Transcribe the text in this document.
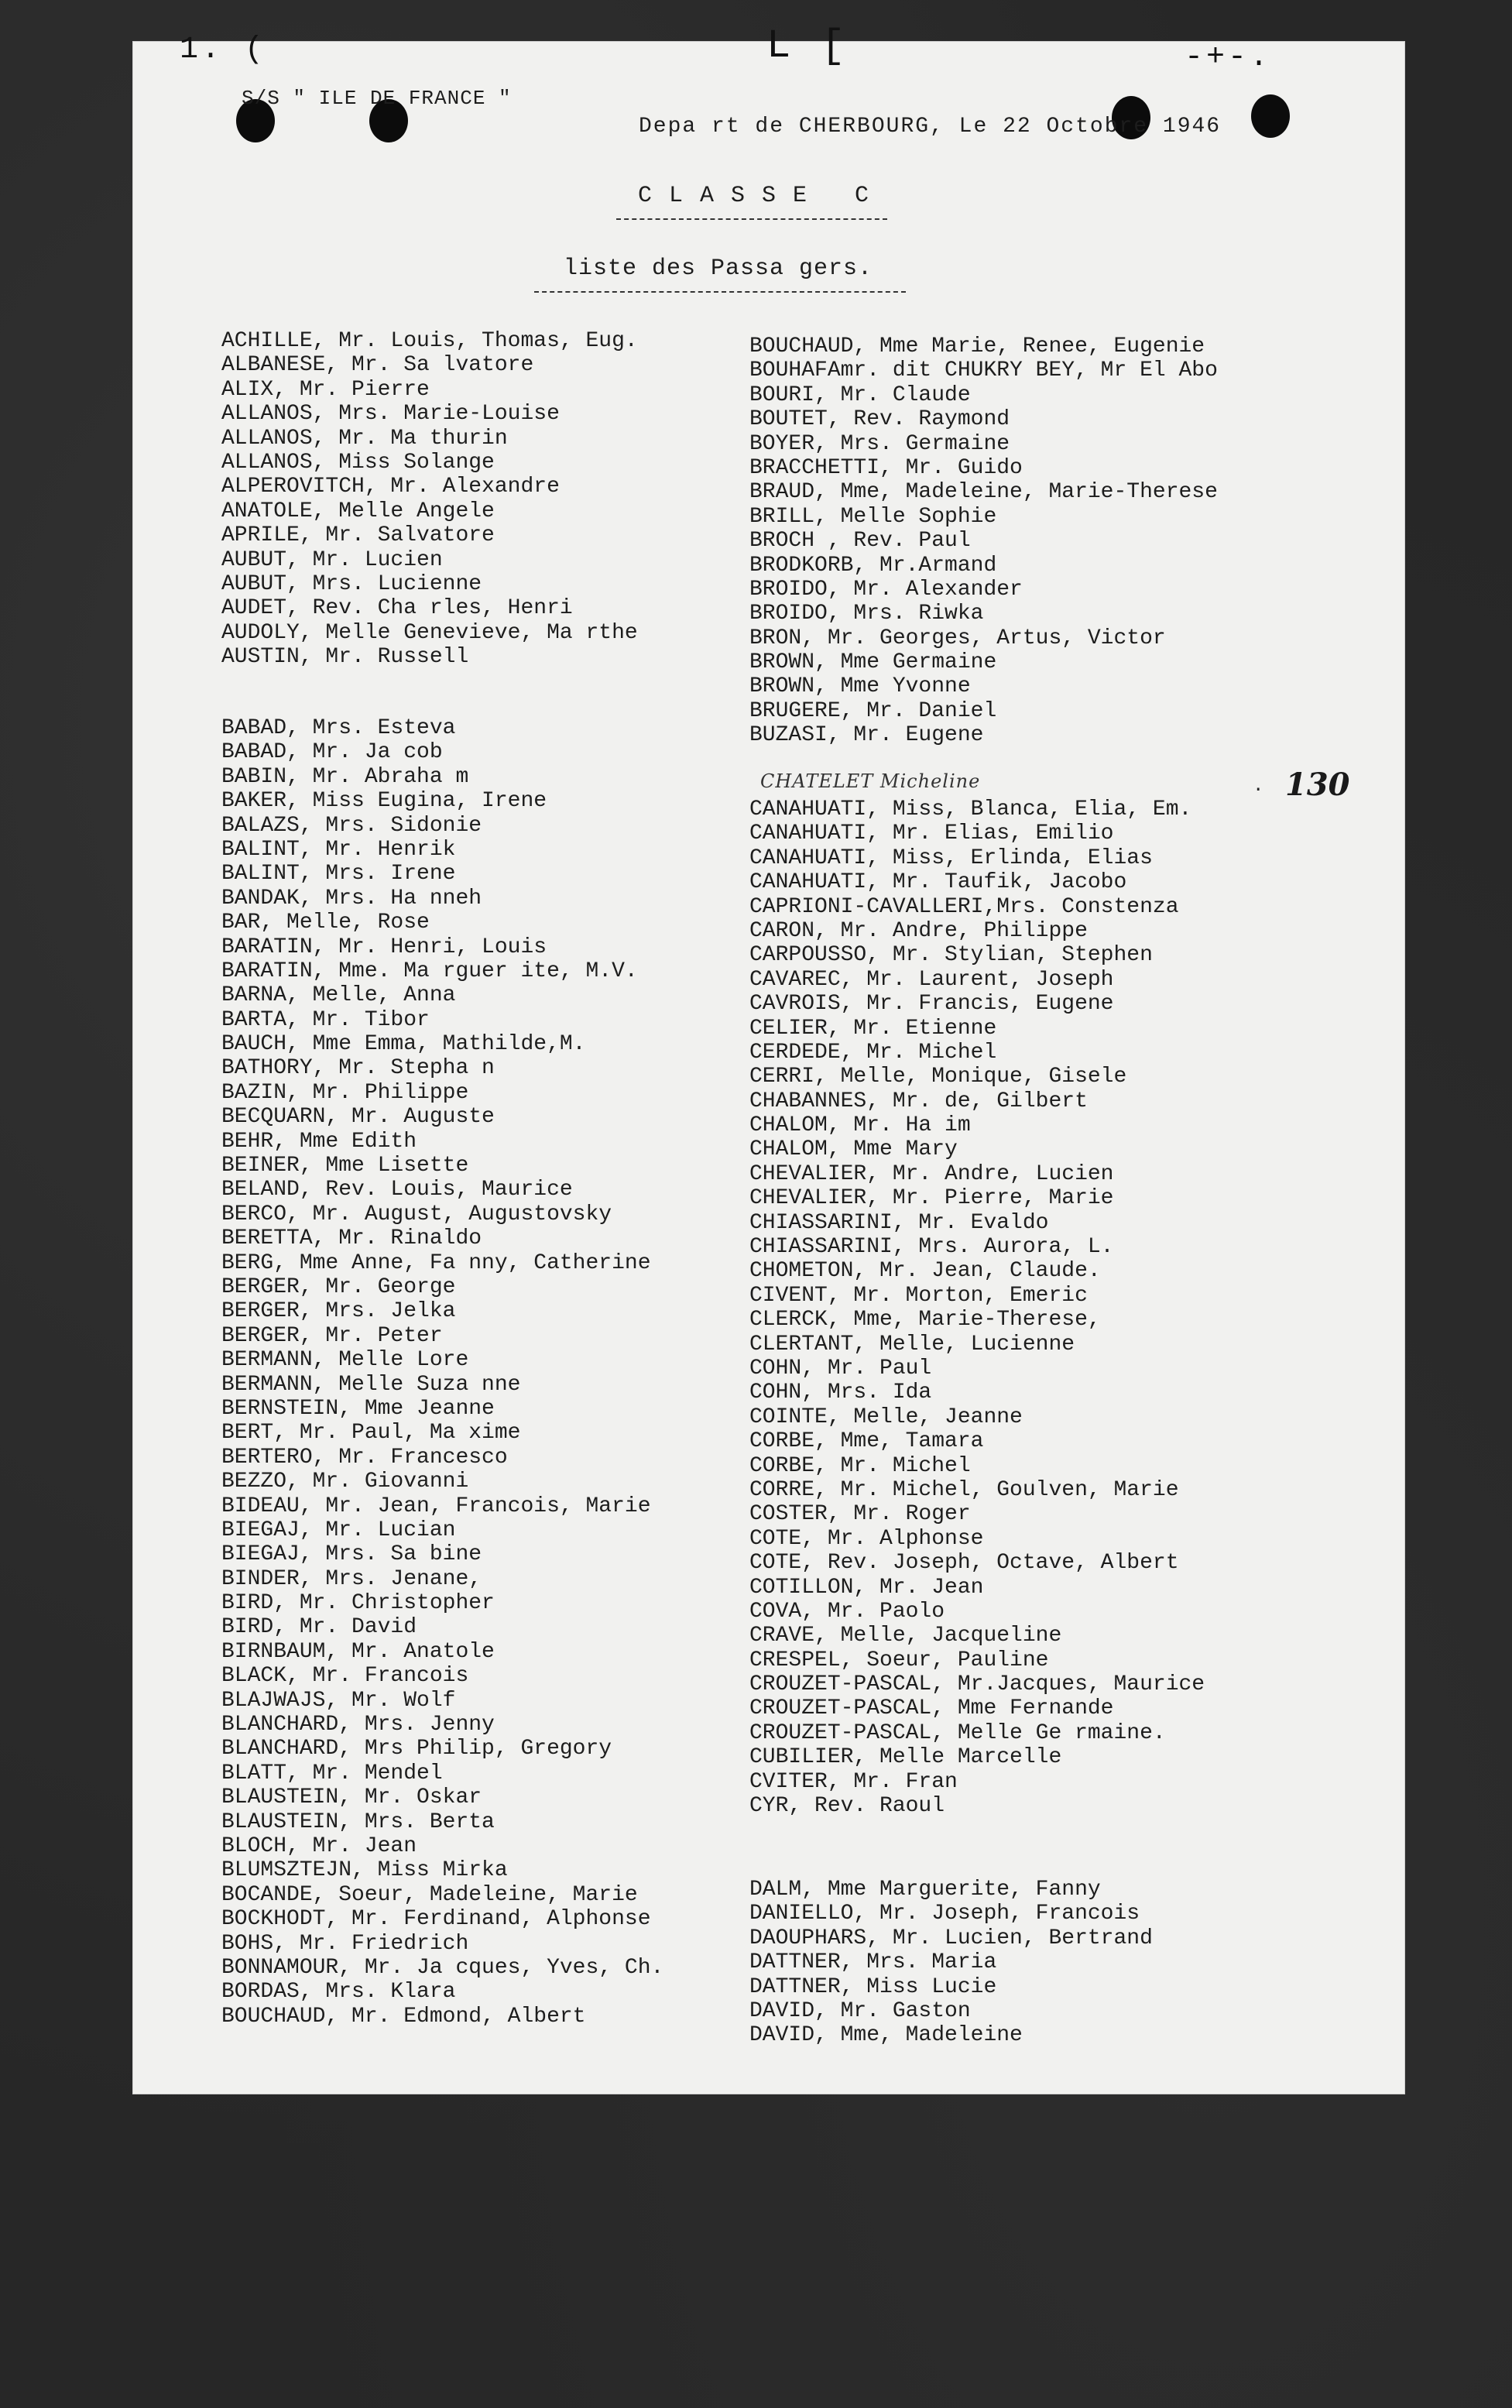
1. (	L [	-+-.
S/S " ILE DE FRANCE "
Depa rt de CHERBOURG, Le 22 Octobre 1946
CLASSE C
liste des Passa gers.
ACHILLE, Mr. Louis, Thomas, Eug.
ALBANESE, Mr. Sa lvatore
ALIX, Mr. Pierre
ALLANOS, Mrs. Marie-Louise
ALLANOS, Mr. Ma thurin
ALLANOS, Miss Solange
ALPEROVITCH, Mr. Alexandre
ANATOLE, Melle Angele
APRILE, Mr. Salvatore
AUBUT, Mr. Lucien
AUBUT, Mrs. Lucienne
AUDET, Rev. Cha rles, Henri
AUDOLY, Melle Genevieve, Ma rthe
AUSTIN, Mr. Russell
BABAD, Mrs. Esteva
BABAD, Mr. Ja cob
BABIN, Mr. Abraha m
BAKER, Miss Eugina, Irene
BALAZS, Mrs. Sidonie
BALINT, Mr. Henrik
BALINT, Mrs. Irene
BANDAK, Mrs. Ha nneh
BAR, Melle, Rose
BARATIN, Mr. Henri, Louis
BARATIN, Mme. Ma rguer ite, M.V.
BARNA, Melle, Anna
BARTA, Mr. Tibor
BAUCH, Mme Emma, Mathilde,M.
BATHORY, Mr. Stepha n
BAZIN, Mr. Philippe
BECQUARN, Mr. Auguste
BEHR, Mme Edith
BEINER, Mme Lisette
BELAND, Rev. Louis, Maurice
BERCO, Mr. August, Augustovsky
BERETTA, Mr. Rinaldo
BERG, Mme Anne, Fa nny, Catherine
BERGER, Mr. George
BERGER, Mrs. Jelka
BERGER, Mr. Peter
BERMANN, Melle Lore
BERMANN, Melle Suza nne
BERNSTEIN, Mme Jeanne
BERT, Mr. Paul, Ma xime
BERTERO, Mr. Francesco
BEZZO, Mr. Giovanni
BIDEAU, Mr. Jean, Francois, Marie
BIEGAJ, Mr. Lucian
BIEGAJ, Mrs. Sa bine
BINDER, Mrs. Jenane,
BIRD, Mr. Christopher
BIRD, Mr. David
BIRNBAUM, Mr. Anatole
BLACK, Mr. Francois
BLAJWAJS, Mr. Wolf
BLANCHARD, Mrs. Jenny
BLANCHARD, Mrs Philip, Gregory
BLATT, Mr. Mendel
BLAUSTEIN, Mr. Oskar
BLAUSTEIN, Mrs. Berta
BLOCH, Mr. Jean
BLUMSZTEJN, Miss Mirka
BOCANDE, Soeur, Madeleine, Marie
BOCKHODT, Mr. Ferdinand, Alphonse
BOHS, Mr. Friedrich
BONNAMOUR, Mr. Ja cques, Yves, Ch.
BORDAS, Mrs. Klara
BOUCHAUD, Mr. Edmond, Albert
BOUCHAUD, Mme Marie, Renee, Eugenie
BOUHAFAmr. dit CHUKRY BEY, Mr El Abo
BOURI, Mr. Claude
BOUTET, Rev. Raymond
BOYER, Mrs. Germaine
BRACCHETTI, Mr. Guido
BRAUD, Mme, Madeleine, Marie-Therese
BRILL, Melle Sophie
BROCH , Rev. Paul
BRODKORB, Mr.Armand
BROIDO, Mr. Alexander
BROIDO, Mrs. Riwka
BRON, Mr. Georges, Artus, Victor
BROWN, Mme Germaine
BROWN, Mme Yvonne
BRUGERE, Mr. Daniel
BUZASI, Mr. Eugene
CHATELET Micheline	. 130
CANAHUATI, Miss, Blanca, Elia, Em.
CANAHUATI, Mr. Elias, Emilio
CANAHUATI, Miss, Erlinda, Elias
CANAHUATI, Mr. Taufik, Jacobo
CAPRIONI-CAVALLERI,Mrs. Constenza
CARON, Mr. Andre, Philippe
CARPOUSSO, Mr. Stylian, Stephen
CAVAREC, Mr. Laurent, Joseph
CAVROIS, Mr. Francis, Eugene
CELIER, Mr. Etienne
CERDEDE, Mr. Michel
CERRI, Melle, Monique, Gisele
CHABANNES, Mr. de, Gilbert
CHALOM, Mr. Ha im
CHALOM, Mme Mary
CHEVALIER, Mr. Andre, Lucien
CHEVALIER, Mr. Pierre, Marie
CHIASSARINI, Mr. Evaldo
CHIASSARINI, Mrs. Aurora, L.
CHOMETON, Mr. Jean, Claude.
CIVENT, Mr. Morton, Emeric
CLERCK, Mme, Marie-Therese,
CLERTANT, Melle, Lucienne
COHN, Mr. Paul
COHN, Mrs. Ida
COINTE, Melle, Jeanne
CORBE, Mme, Tamara
CORBE, Mr. Michel
CORRE, Mr. Michel, Goulven, Marie
COSTER, Mr. Roger
COTE, Mr. Alphonse
COTE, Rev. Joseph, Octave, Albert
COTILLON, Mr. Jean
COVA, Mr. Paolo
CRAVE, Melle, Jacqueline
CRESPEL, Soeur, Pauline
CROUZET-PASCAL, Mr.Jacques, Maurice
CROUZET-PASCAL, Mme Fernande
CROUZET-PASCAL, Melle Ge rmaine.
CUBILIER, Melle Marcelle
CVITER, Mr. Fran
CYR, Rev. Raoul
DALM, Mme Marguerite, Fanny
DANIELLO, Mr. Joseph, Francois
DAOUPHARS, Mr. Lucien, Bertrand
DATTNER, Mrs. Maria
DATTNER, Miss Lucie
DAVID, Mr. Gaston
DAVID, Mme, Madeleine
